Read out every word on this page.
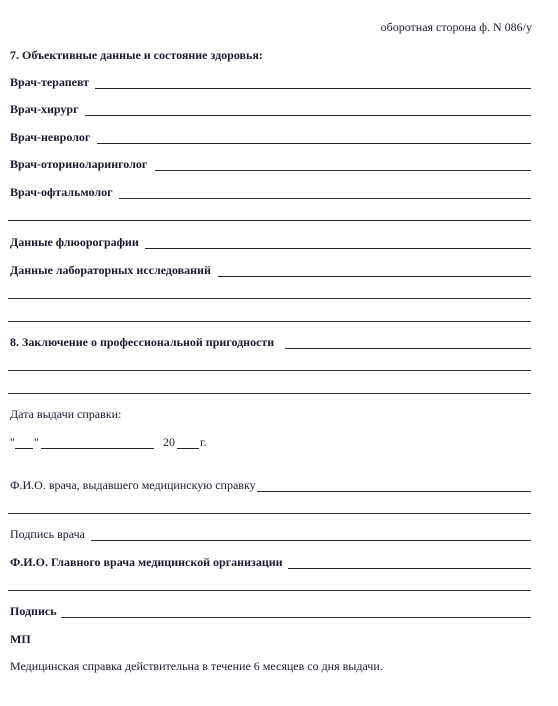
оборотная сторона ф. N 086/у
7. Объективные данные и состояние здоровья:
Врач-терапевт
Врач-хирург
Врач-невролог
Врач-оториноларинголог
Врач-офтальмолог
Данные флюорографии
Данные лабораторных исследований
8. Заключение о профессиональной пригодности
Дата выдачи справки:
" "	20 г.
Ф.И.О. врача, выдавшего медицинскую справку
Подпись врача
Ф.И.О. Главного врача медицинской организации
Подпись
МП
Медицинская справка действительна в течение 6 месяцев со дня выдачи.
